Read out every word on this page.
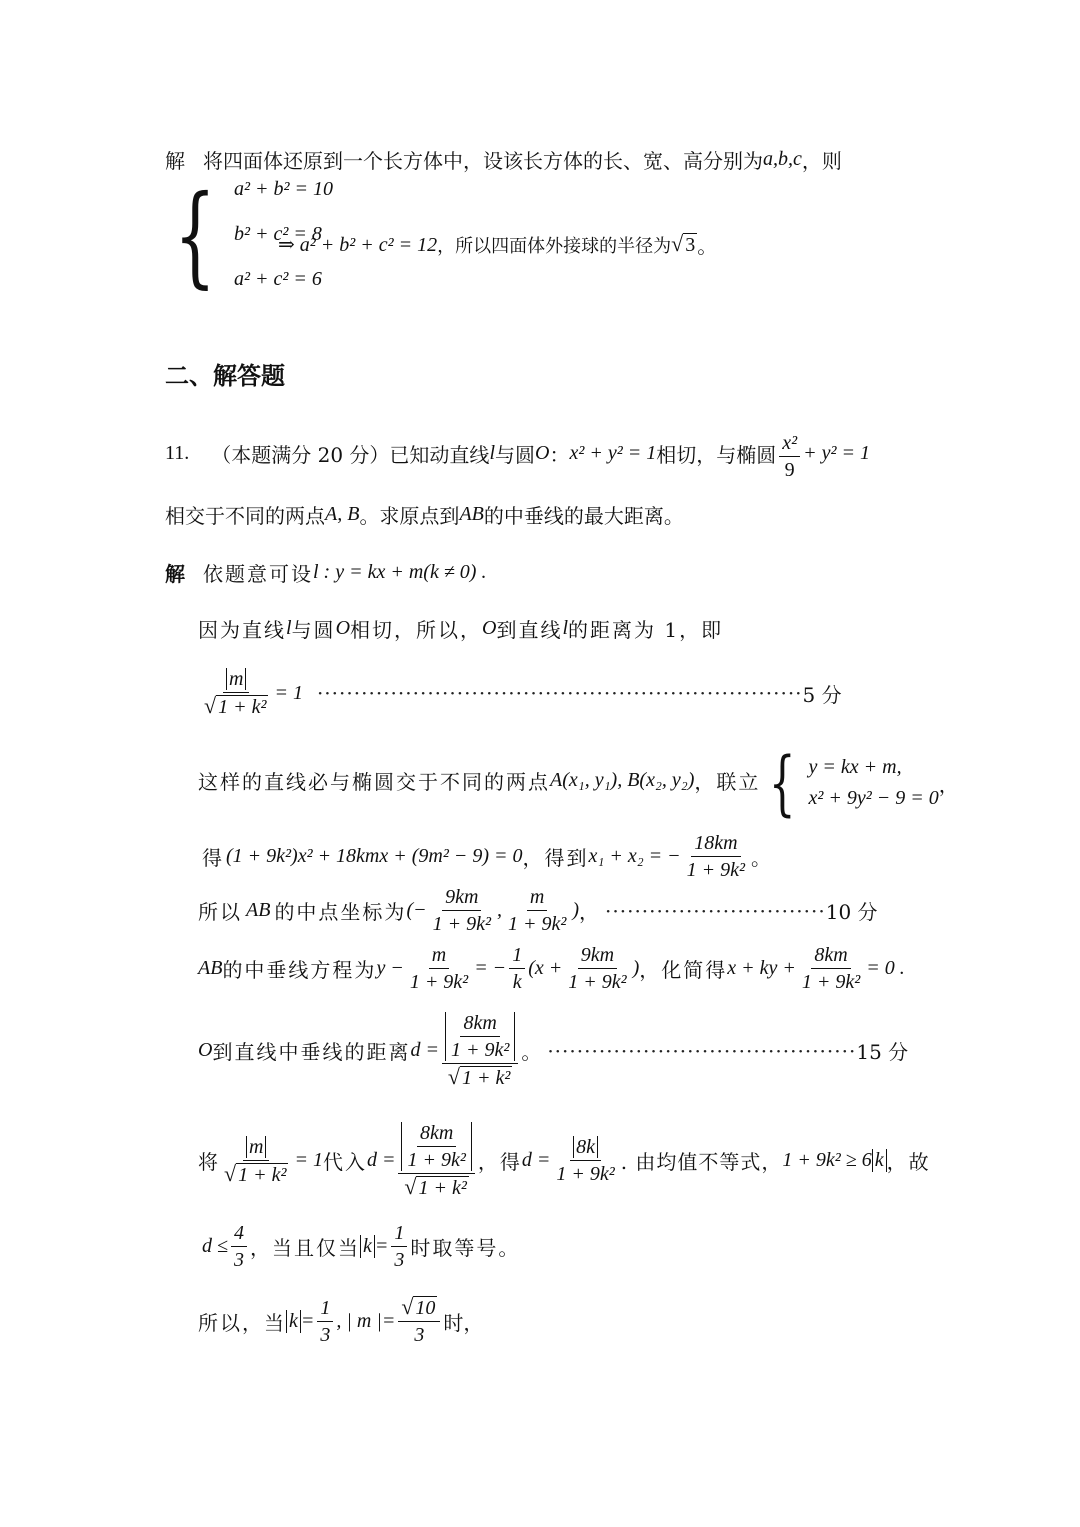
解 将四面体还原到一个长方体中，设该长方体的长、宽、高分别为 a,b,c ，则
{ a² + b² = 10
b² + c² = 8
a² + c² = 6
⇒ a² + b² + c² = 12 ，所以四面体外接球的半径为 √ 3 。
二、解答题
11. （本题满分 20 分）已知动直线 l 与圆 O ： x² + y² = 1 相切，与椭圆 $\frac{\text{x²}}{9} + y^2 = 1$
相交于不同的两点 A, B 。求原点到 AB 的中垂线的最大距离。
解 依题意可设 l : y = kx + m(k ≠ 0) .
因为直线 l 与圆 O 相切，所以， O 到直线 l 的距离为 1，即
$\frac{m}{\text{√ 1 + k²}} = 1$ ·································································· 5 分
这样的直线必与椭圆交于不同的两点 A(x₁, y₁), B(x₂, y₂) ，联立 { y = kx + m,
x² + 9y² − 9 = 0
，
得 (1 + 9k²)x² + 18kmx + (9m² − 9) = 0 ，得到 x₁ + x₂ = − $\frac{18km}{\text{1 + 9k²}}$ 。
所以 AB 的中点坐标为 (− $\frac{9km}{\text{1 + 9k²}}$ , $\frac{m}{\text{1 + 9k²}}$ ) ， ······························ 10 分
AB 的中垂线方程为 $y - \frac{m}{\text{1 + 9k²}}$ = − $\frac{1}{k} (x + \frac{9km}{\text{1 + 9k²}}$ ) ，化简得 x + ky + $\frac{8km}{\text{1 + 9k²}} = 0$ .
O 到直线中垂线的距离 $d = \frac{\frac{8km}{\text{1 + 9k²}}}{\text{√ 1 + k²}}$ 。 ·········································· 15 分
将 $\frac{m}{\text{√ 1 + k²}} = 1$ 代入 $d = \frac{\frac{8km}{\text{1 + 9k²}}}{\text{√ 1 + k²}}$ ，得 $d = \frac{8k}{\text{1 + 9k²}}$ . 由均值不等式， 1 + 9k² ≥ 6 k ，故
$d \le \frac{4}{3}$ ，当且仅当 $k = \frac{1}{3}$ 时取等号。
所以，当 $k = \frac{1}{3}$ , | m |= $\frac{√ 10}{3}$ 时，
